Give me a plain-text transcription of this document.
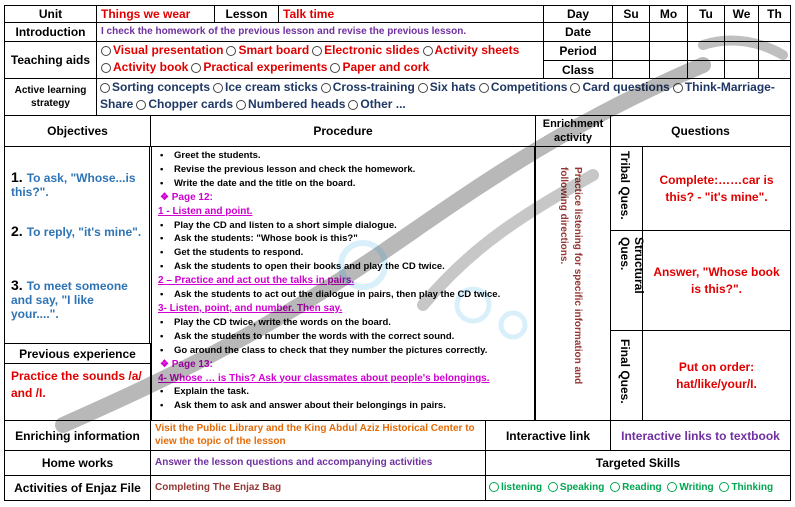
Unit	Things we wear	Lesson	Talk time	Day	Su	Mo	Tu	We	Th
Introduction	I check the homework of the previous lesson and revise the previous lesson.	Date
Teaching aids
Visual presentation Smart board Electronic slides Activity sheets
Activity book Practical experiments Paper and cork
Period
Class
Active learning strategy
Sorting concepts Ice cream sticks Cross-training Six hats Competitions Card questions Think-Marriage-
Share Chopper cards Numbered heads Other ...
Objectives	Procedure	Enrichment activity	Questions
1. To ask, "Whose...is this?".
2. To reply, "it's mine".
3. To meet someone and say, "I like your....".
Previous experience
Practice the sounds /a/ and /I.
• Greet the students.
• Revise the previous lesson and check the homework.
• Write the date and the title on the board.
❖ Page 12:
1 - Listen and point.
• Play the CD and listen to a short simple dialogue.
• Ask the students: "Whose book is this?"
• Get the students to respond.
• Ask the students to open their books and play the CD twice.
2 – Practice and act out the talks in pairs.
• Ask the students to act out the dialogue in pairs, then play the CD twice.
3- Listen, point, and number. Then say.
• Play the CD twice, write the words on the board.
• Ask the students to number the words with the correct sound.
• Go around the class to check that they number the pictures correctly.
❖ Page 13:
4- Whose … is This? Ask your classmates about people's belongings.
• Explain the task.
• Ask them to ask and answer about their belongings in pairs.
Practice listening for specific information and following directions.	Tribal Ques.	Complete:……car is this? - "it's mine".
Structural Ques.
Answer, "Whose book is this?".
Final Ques.	Put on order: hat/like/your/I.
Enriching information	Visit the Public Library and the King Abdul Aziz Historical Center to view the topic of the lesson	Interactive link	Interactive links to textbook
Home works	Answer the lesson questions and accompanying activities	Targeted Skills
Activities of Enjaz File	Completing The Enjaz Bag	listening Speaking Reading Writing Thinking
